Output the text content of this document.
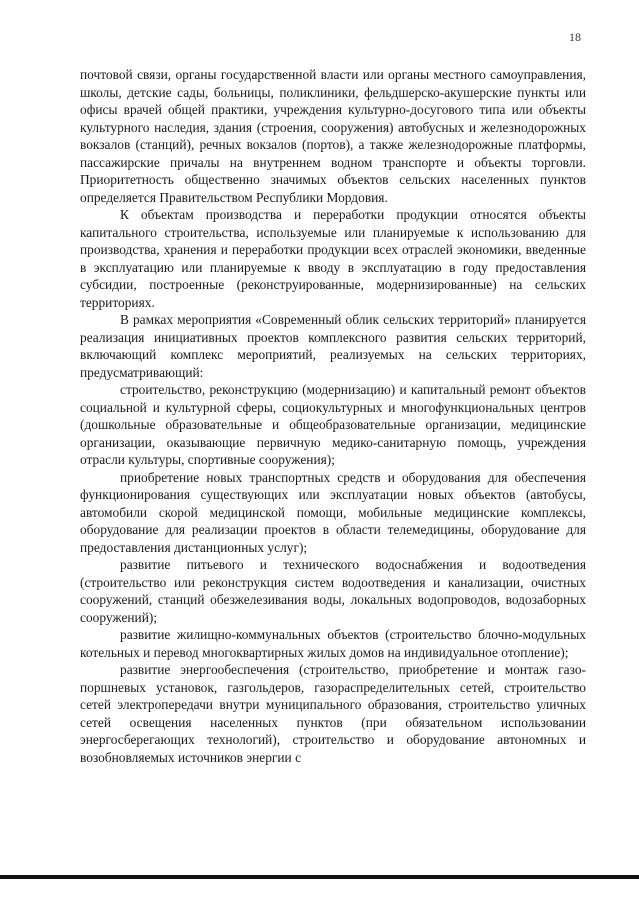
18

почтовой связи, органы государственной власти или органы местного самоуправления, школы, детские сады, больницы, поликлиники, фельдшерско-акушерские пункты или офисы врачей общей практики, учреждения культурно-досугового типа или объекты культурного наследия, здания (строения, сооружения) автобусных и железнодорожных вокзалов (станций), речных вокзалов (портов), а также железнодорожные платформы, пассажирские причалы на внутреннем водном транспорте и объекты торговли. Приоритетность общественно значимых объектов сельских населенных пунктов определяется Правительством Республики Мордовия.

К объектам производства и переработки продукции относятся объекты капитального строительства, используемые или планируемые к использованию для производства, хранения и переработки продукции всех отраслей экономики, введенные в эксплуатацию или планируемые к вводу в эксплуатацию в году предоставления субсидии, построенные (реконструированные, модернизированные) на сельских территориях.

В рамках мероприятия «Современный облик сельских территорий» планируется реализация инициативных проектов комплексного развития сельских территорий, включающий комплекс мероприятий, реализуемых на сельских территориях, предусматривающий:

строительство, реконструкцию (модернизацию) и капитальный ремонт объектов социальной и культурной сферы, социокультурных и многофункциональных центров (дошкольные образовательные и общеобразовательные организации, медицинские организации, оказывающие первичную медико-санитарную помощь, учреждения отрасли культуры, спортивные сооружения);

приобретение новых транспортных средств и оборудования для обеспечения функционирования существующих или эксплуатации новых объектов (автобусы, автомобили скорой медицинской помощи, мобильные медицинские комплексы, оборудование для реализации проектов в области телемедицины, оборудование для предоставления дистанционных услуг);

развитие питьевого и технического водоснабжения и водоотведения (строительство или реконструкция систем водоотведения и канализации, очистных сооружений, станций обезжелезивания воды, локальных водопроводов, водозаборных сооружений);

развитие жилищно-коммунальных объектов (строительство блочно-модульных котельных и перевод многоквартирных жилых домов на индивидуальное отопление);

развитие энергообеспечения (строительство, приобретение и монтаж газо-поршневых установок, газгольдеров, газораспределительных сетей, строительство сетей электропередачи внутри муниципального образования, строительство уличных сетей освещения населенных пунктов (при обязательном использовании энергосберегающих технологий), строительство и оборудование автономных и возобновляемых источников энергии с
